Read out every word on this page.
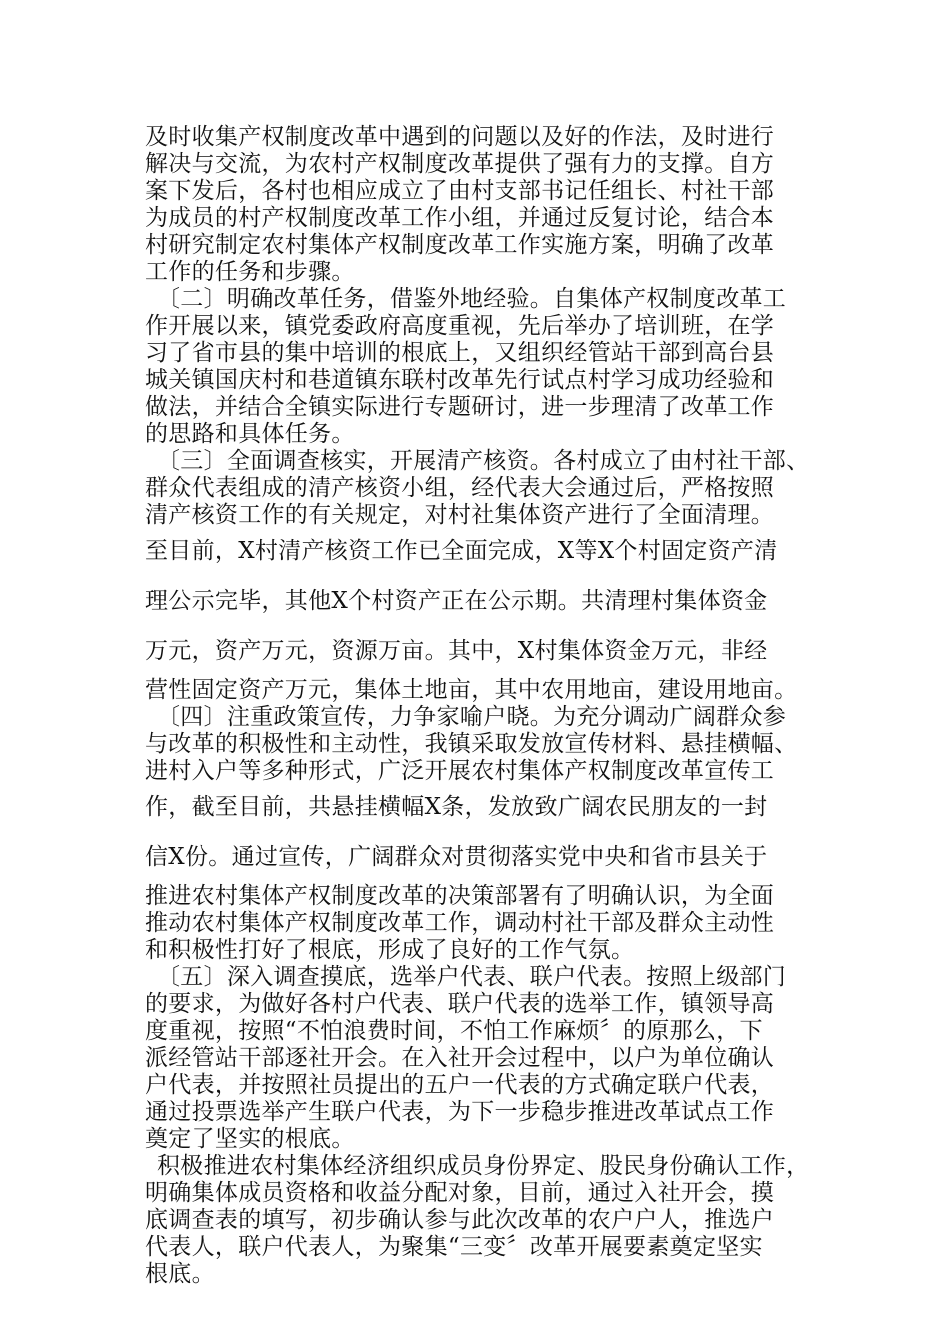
及时收集产权制度改革中遇到的问题以及好的作法，及时进行
解决与交流，为农村产权制度改革提供了强有力的支撑。自方
案下发后，各村也相应成立了由村支部书记任组长、村社干部
为成员的村产权制度改革工作小组，并通过反复讨论，结合本
村研究制定农村集体产权制度改革工作实施方案，明确了改革
工作的任务和步骤。
〔二〕明确改革任务，借鉴外地经验。自集体产权制度改革工
作开展以来，镇党委政府高度重视，先后举办了培训班，在学
习了省市县的集中培训的根底上，又组织经管站干部到高台县
城关镇国庆村和巷道镇东联村改革先行试点村学习成功经验和
做法，并结合全镇实际进行专题研讨，进一步理清了改革工作
的思路和具体任务。
〔三〕全面调查核实，开展清产核资。各村成立了由村社干部、
群众代表组成的清产核资小组，经代表大会通过后，严格按照
清产核资工作的有关规定，对村社集体资产进行了全面清理。
至目前，X村清产核资工作已全面完成，X等X个村固定资产清
理公示完毕，其他X个村资产正在公示期。共清理村集体资金
万元，资产万元，资源万亩。其中，X村集体资金万元，非经
营性固定资产万元，集体土地亩，其中农用地亩，建设用地亩。
〔四〕注重政策宣传，力争家喻户晓。为充分调动广阔群众参
与改革的积极性和主动性，我镇采取发放宣传材料、悬挂横幅、
进村入户等多种形式，广泛开展农村集体产权制度改革宣传工
作，截至目前，共悬挂横幅X条，发放致广阔农民朋友的一封
信X份。通过宣传，广阔群众对贯彻落实党中央和省市县关于
推进农村集体产权制度改革的决策部署有了明确认识，为全面
推动农村集体产权制度改革工作，调动村社干部及群众主动性
和积极性打好了根底，形成了良好的工作气氛。
〔五〕深入调查摸底，选举户代表、联户代表。按照上级部门
的要求，为做好各村户代表、联户代表的选举工作，镇领导高
度重视，按照“不怕浪费时间，不怕工作麻烦〞的原那么，下
派经管站干部逐社开会。在入社开会过程中，以户为单位确认
户代表，并按照社员提出的五户一代表的方式确定联户代表，
通过投票选举产生联户代表，为下一步稳步推进改革试点工作
奠定了坚实的根底。
积极推进农村集体经济组织成员身份界定、股民身份确认工作，
明确集体成员资格和收益分配对象，目前，通过入社开会，摸
底调查表的填写，初步确认参与此次改革的农户户人，推选户
代表人，联户代表人，为聚集“三变〞改革开展要素奠定坚实
根底。
